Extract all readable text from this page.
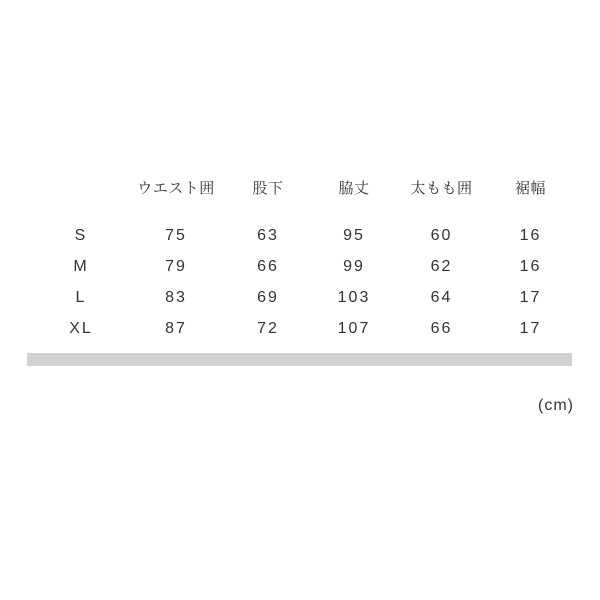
	ウエスト囲	股下	脇丈	太もも囲	裾幅
S	75	63	95	60	16
M	79	66	99	62	16
L	83	69	103	64	17
XL	87	72	107	66	17
(cm)
